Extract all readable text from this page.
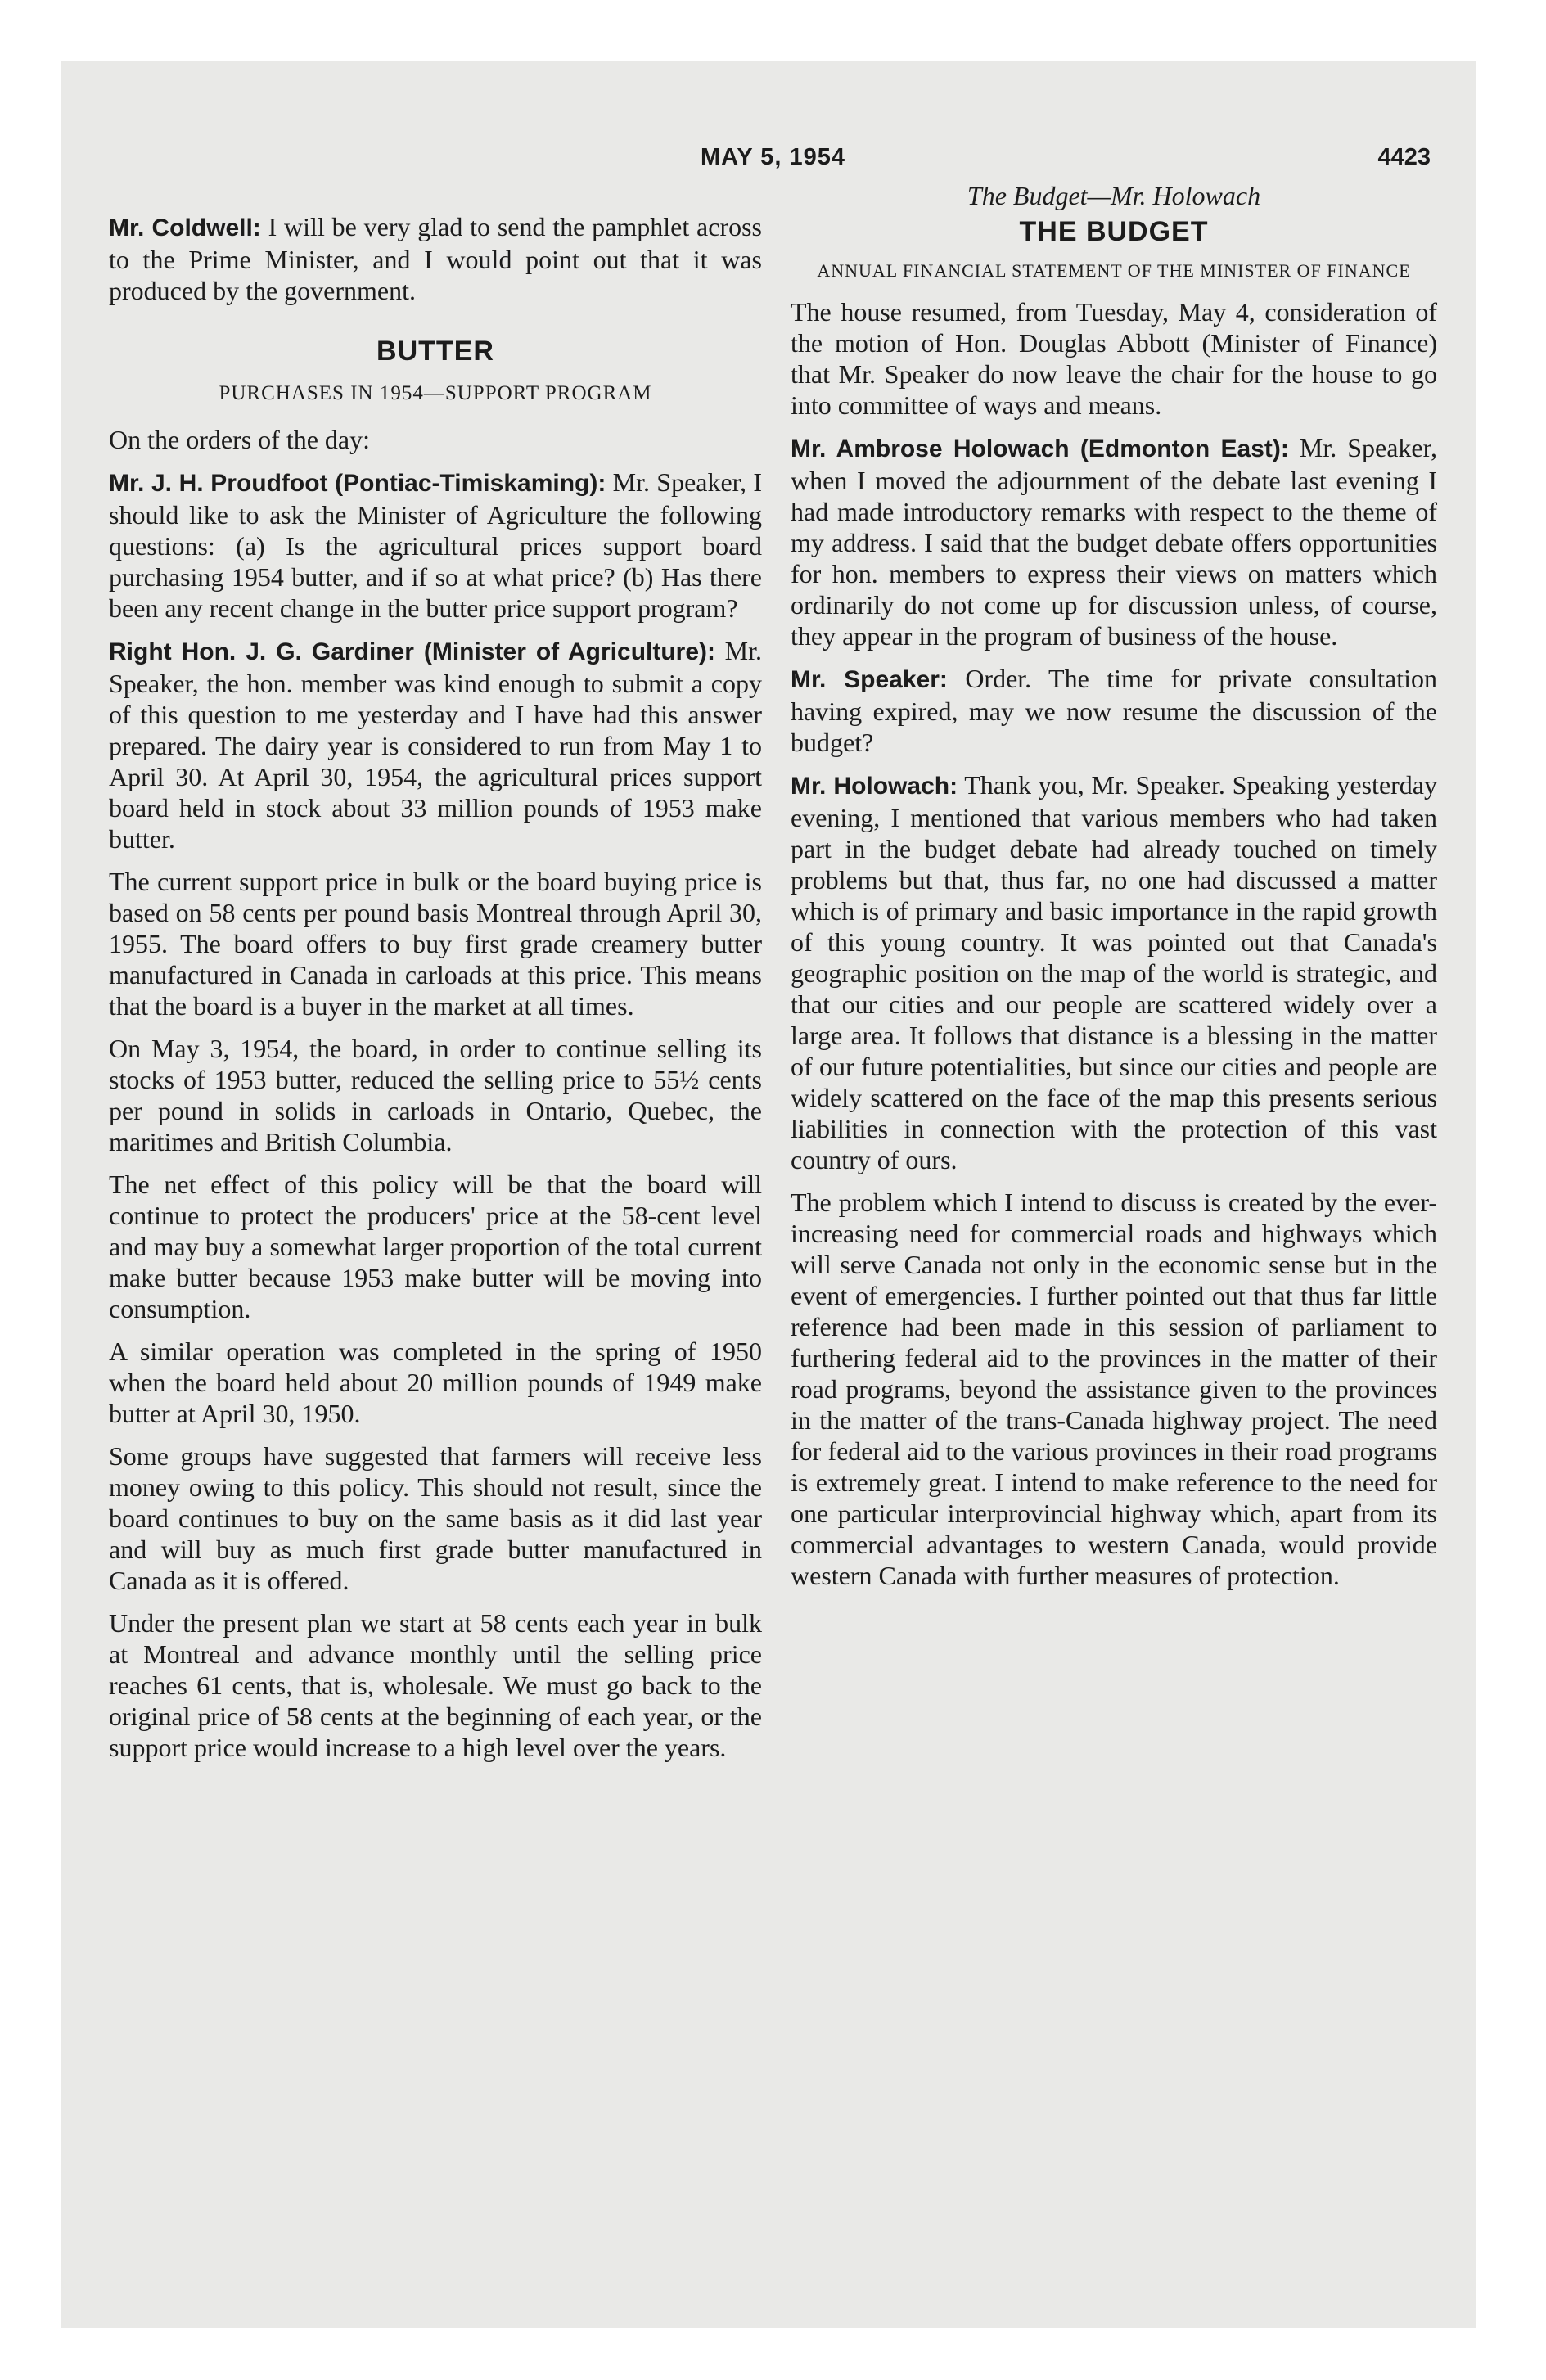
MAY 5, 1954	4423

Mr. Coldwell: I will be very glad to send the pamphlet across to the Prime Minister, and I would point out that it was produced by the government.

BUTTER
PURCHASES IN 1954—SUPPORT PROGRAM

On the orders of the day:

Mr. J. H. Proudfoot (Pontiac-Timiskaming): Mr. Speaker, I should like to ask the Minister of Agriculture the following questions: (a) Is the agricultural prices support board purchasing 1954 butter, and if so at what price? (b) Has there been any recent change in the butter price support program?

Right Hon. J. G. Gardiner (Minister of Agriculture): Mr. Speaker, the hon. member was kind enough to submit a copy of this question to me yesterday and I have had this answer prepared. The dairy year is considered to run from May 1 to April 30. At April 30, 1954, the agricultural prices support board held in stock about 33 million pounds of 1953 make butter.

The current support price in bulk or the board buying price is based on 58 cents per pound basis Montreal through April 30, 1955. The board offers to buy first grade creamery butter manufactured in Canada in carloads at this price. This means that the board is a buyer in the market at all times.

On May 3, 1954, the board, in order to continue selling its stocks of 1953 butter, reduced the selling price to 55½ cents per pound in solids in carloads in Ontario, Quebec, the maritimes and British Columbia.

The net effect of this policy will be that the board will continue to protect the producers' price at the 58-cent level and may buy a somewhat larger proportion of the total current make butter because 1953 make butter will be moving into consumption.

A similar operation was completed in the spring of 1950 when the board held about 20 million pounds of 1949 make butter at April 30, 1950.

Some groups have suggested that farmers will receive less money owing to this policy. This should not result, since the board continues to buy on the same basis as it did last year and will buy as much first grade butter manufactured in Canada as it is offered.

Under the present plan we start at 58 cents each year in bulk at Montreal and advance monthly until the selling price reaches 61 cents, that is, wholesale. We must go back to the original price of 58 cents at the beginning of each year, or the support price would increase to a high level over the years.

The Budget—Mr. Holowach
THE BUDGET
ANNUAL FINANCIAL STATEMENT OF THE MINISTER OF FINANCE

The house resumed, from Tuesday, May 4, consideration of the motion of Hon. Douglas Abbott (Minister of Finance) that Mr. Speaker do now leave the chair for the house to go into committee of ways and means.

Mr. Ambrose Holowach (Edmonton East): Mr. Speaker, when I moved the adjournment of the debate last evening I had made introductory remarks with respect to the theme of my address. I said that the budget debate offers opportunities for hon. members to express their views on matters which ordinarily do not come up for discussion unless, of course, they appear in the program of business of the house.

Mr. Speaker: Order. The time for private consultation having expired, may we now resume the discussion of the budget?

Mr. Holowach: Thank you, Mr. Speaker. Speaking yesterday evening, I mentioned that various members who had taken part in the budget debate had already touched on timely problems but that, thus far, no one had discussed a matter which is of primary and basic importance in the rapid growth of this young country. It was pointed out that Canada's geographic position on the map of the world is strategic, and that our cities and our people are scattered widely over a large area. It follows that distance is a blessing in the matter of our future potentialities, but since our cities and people are widely scattered on the face of the map this presents serious liabilities in connection with the protection of this vast country of ours.

The problem which I intend to discuss is created by the ever-increasing need for commercial roads and highways which will serve Canada not only in the economic sense but in the event of emergencies. I further pointed out that thus far little reference had been made in this session of parliament to furthering federal aid to the provinces in the matter of their road programs, beyond the assistance given to the provinces in the matter of the trans-Canada highway project. The need for federal aid to the various provinces in their road programs is extremely great. I intend to make reference to the need for one particular interprovincial highway which, apart from its commercial advantages to western Canada, would provide western Canada with further measures of protection.
